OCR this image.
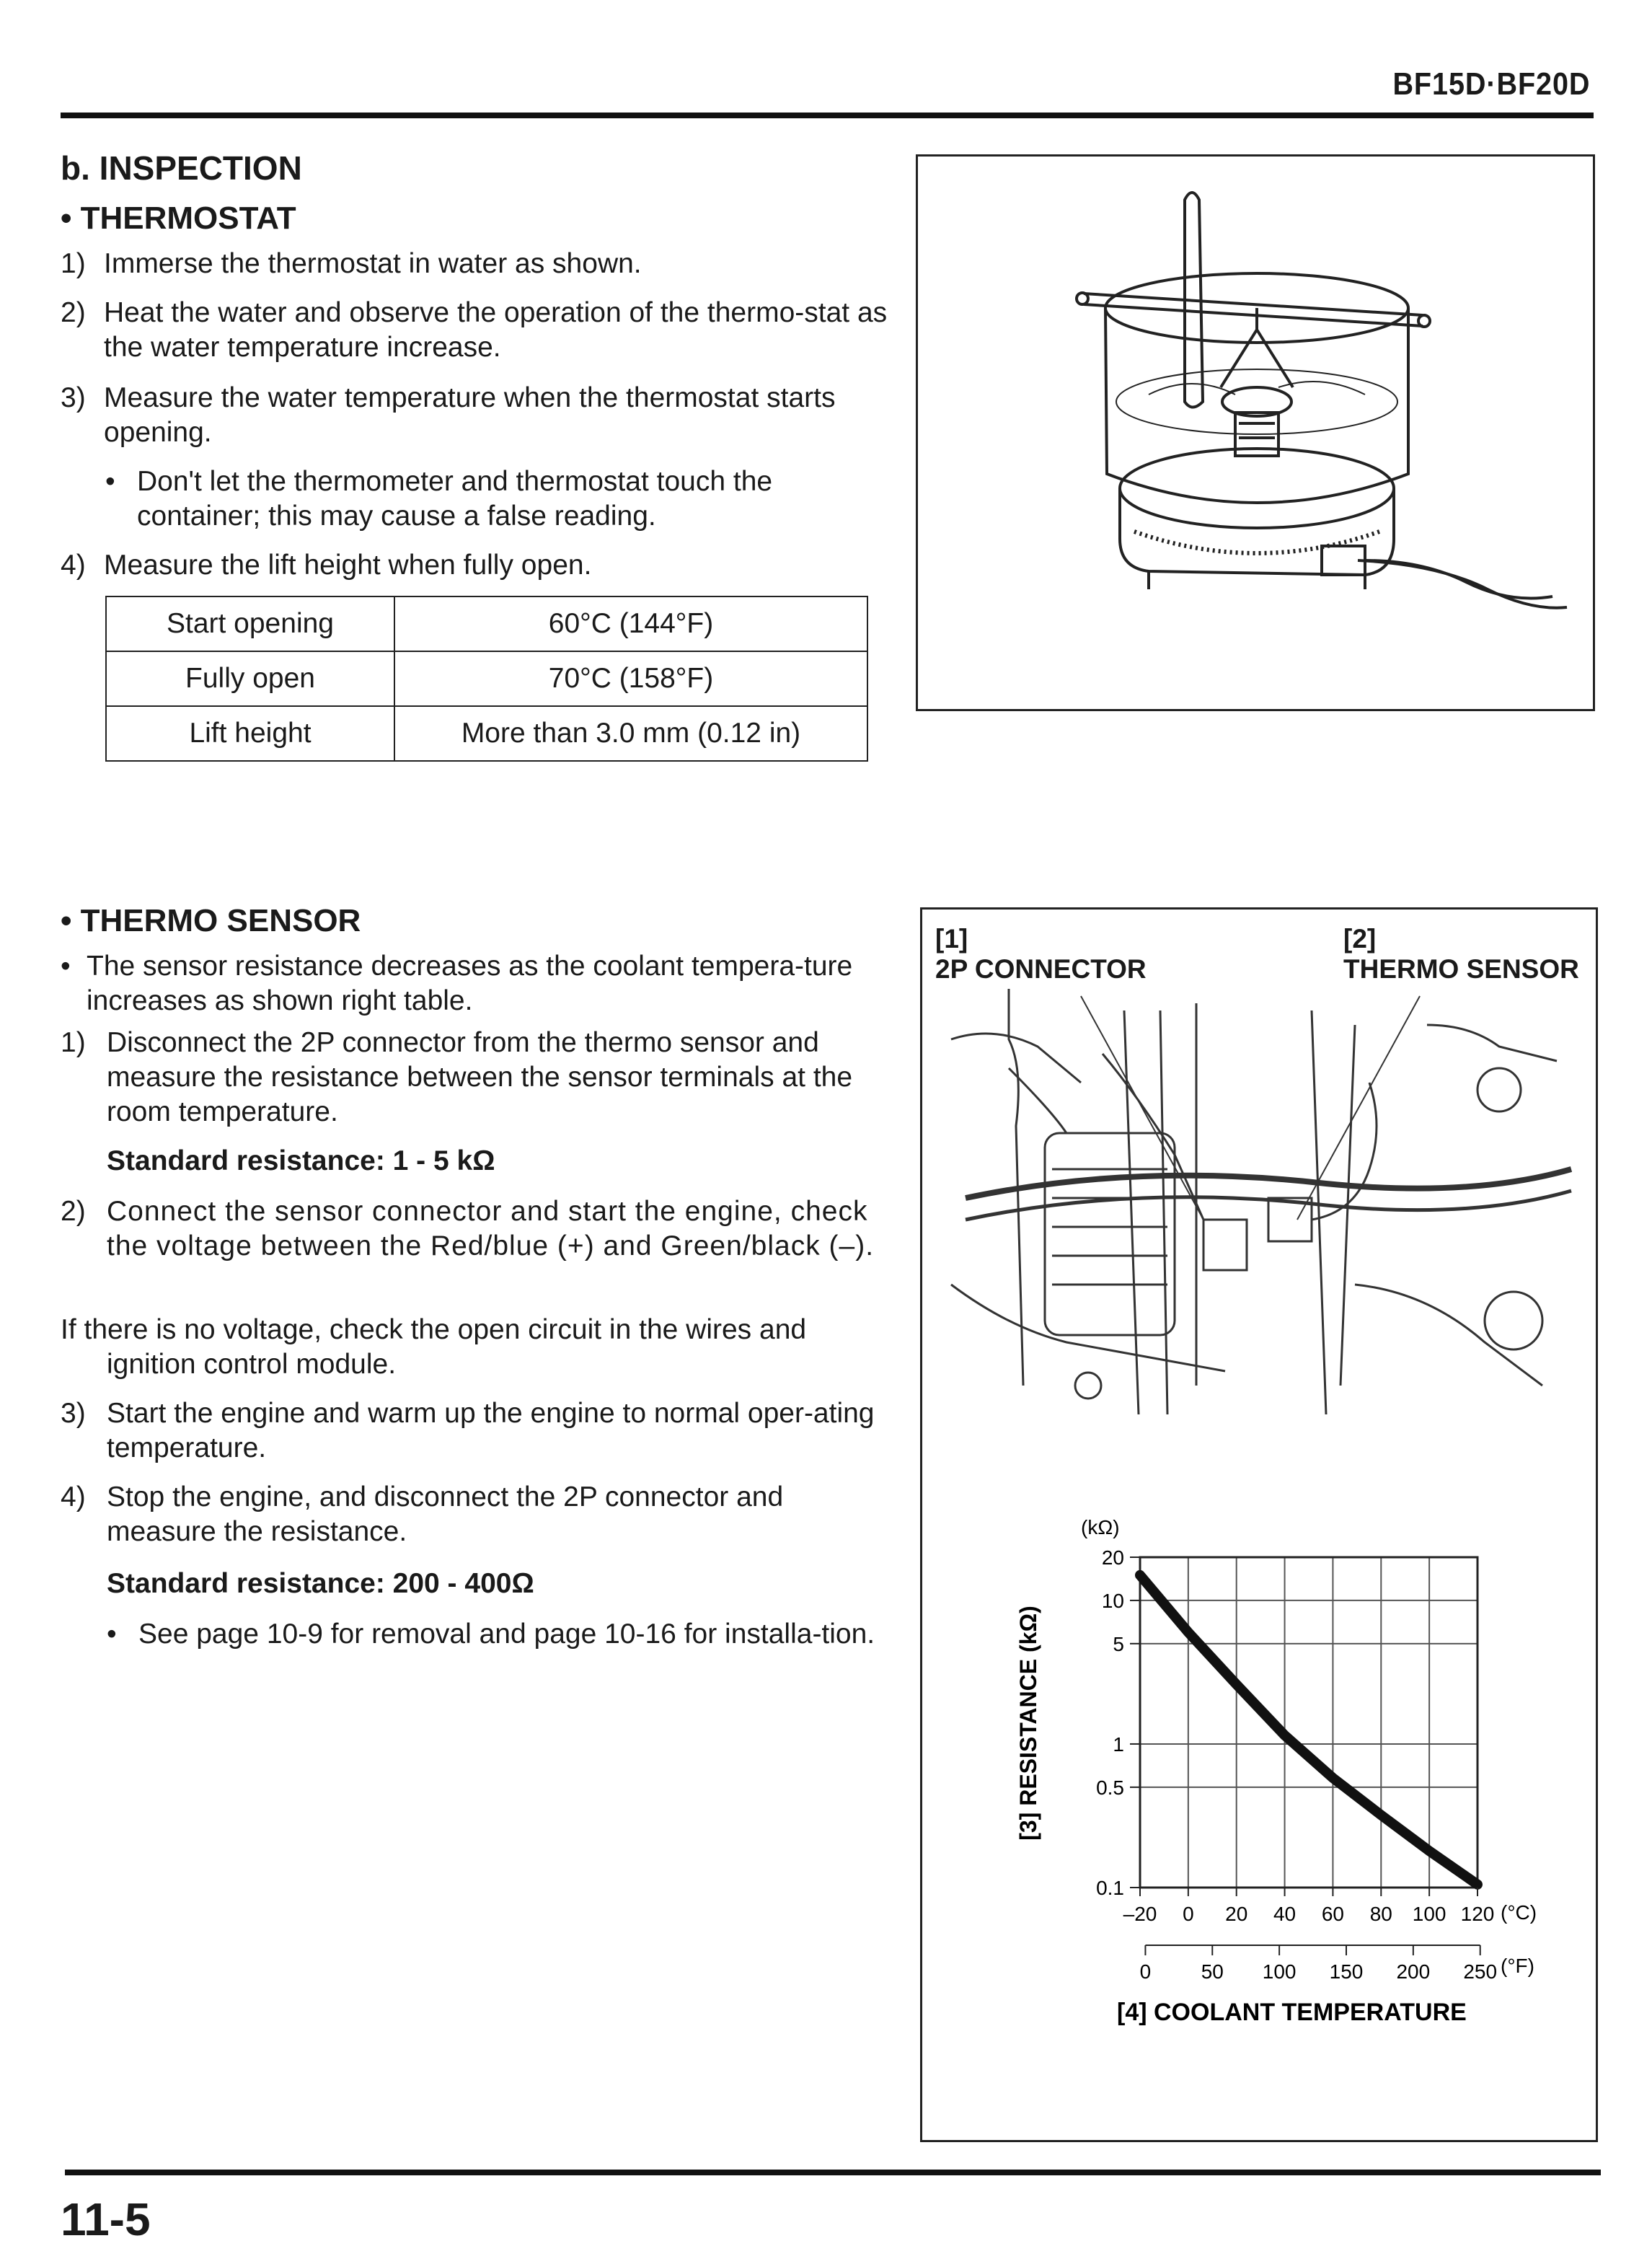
BF15D·BF20D
b. INSPECTION
• THERMOSTAT
1) Immerse the thermostat in water as shown.
2) Heat the water and observe the operation of the thermo-stat as the water temperature increase.
3) Measure the water temperature when the thermostat starts opening.
• Don't let the thermometer and thermostat touch the container; this may cause a false reading.
4) Measure the lift height when fully open.
Start opening	60°C (144°F)
Fully open	70°C (158°F)
Lift height	More than 3.0 mm (0.12 in)
• THERMO SENSOR
• The sensor resistance decreases as the coolant tempera-ture increases as shown right table.
1) Disconnect the 2P connector from the thermo sensor and measure the resistance between the sensor terminals at the room temperature.
Standard resistance: 1 - 5 kΩ
2) Connect the sensor connector and start the engine, check the voltage between the Red/blue (+) and Green/black (–).
If there is no voltage, check the open circuit in the wires and ignition control module.
3) Start the engine and warm up the engine to normal oper-ating temperature.
4) Stop the engine, and disconnect the 2P connector and measure the resistance.
Standard resistance: 200 - 400Ω
• See page 10-9 for removal and page 10-16 for installa-tion.
[1]
2P CONNECTOR
[2]
THERMO SENSOR
20
10
5
1
0.5
0.1
–20 0 20 40 60 80 100 120
0 50 100 150 200 250
(kΩ)
[3] RESISTANCE (kΩ)
(°C)
(°F)
[4] COOLANT TEMPERATURE
11-5
